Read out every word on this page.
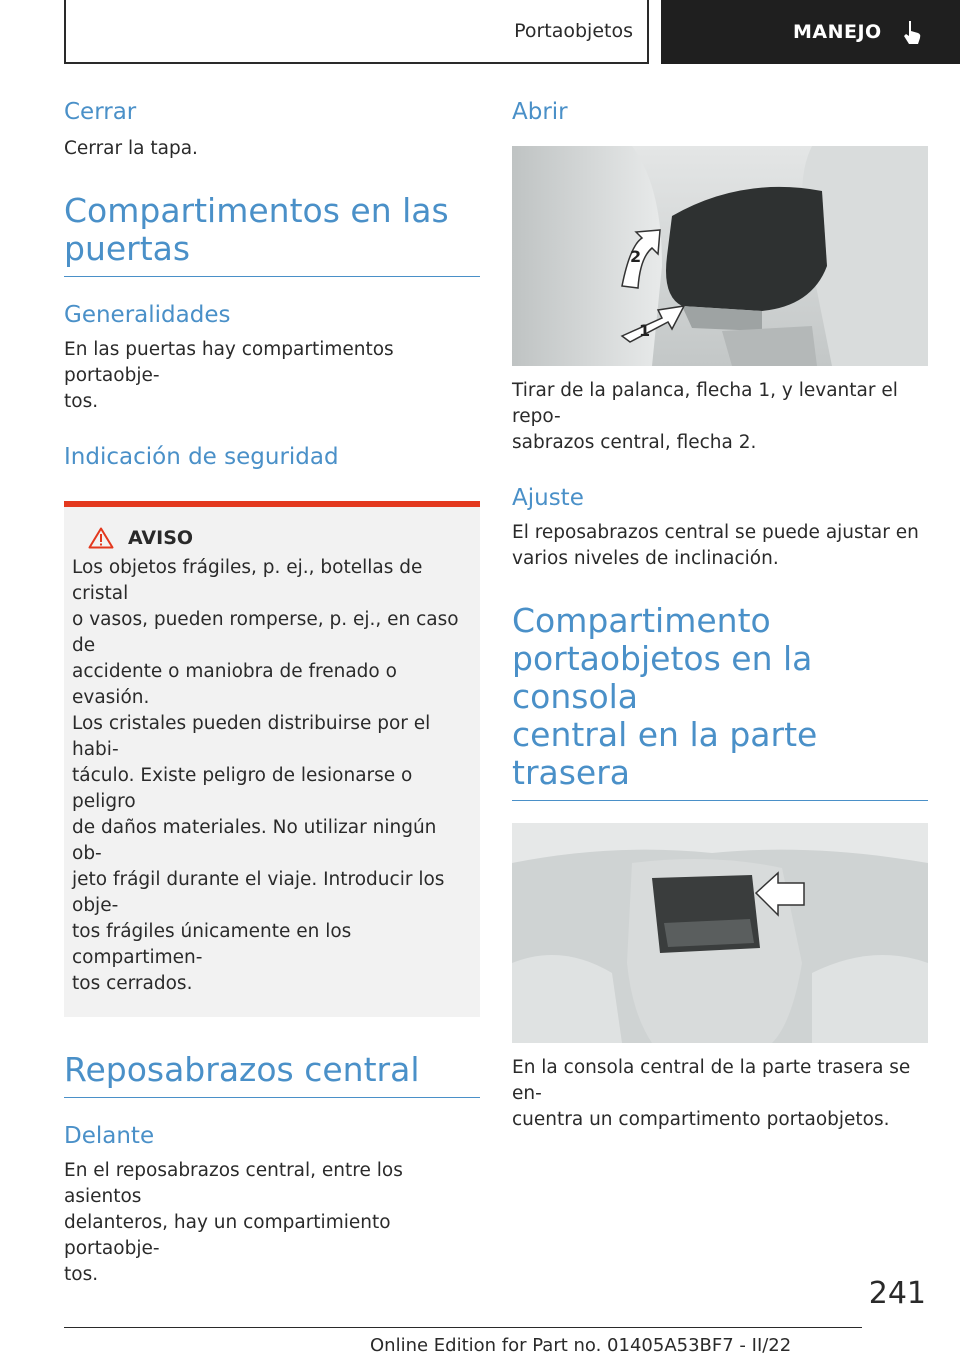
Portaobjetos	MANEJO
Cerrar

Cerrar la tapa.

Compartimentos en las
puertas
Generalidades

En las puertas hay compartimentos portaobje-
tos.

Indicación de seguridad
AVISO

Los objetos frágiles, p. ej., botellas de cristal
o vasos, pueden romperse, p. ej., en caso de
accidente o maniobra de frenado o evasión.
Los cristales pueden distribuirse por el habi-
táculo. Existe peligro de lesionarse o peligro
de daños materiales. No utilizar ningún ob-
jeto frágil durante el viaje. Introducir los obje-
tos frágiles únicamente en los compartimen-
tos cerrados.

Reposabrazos central
Delante

En el reposabrazos central, entre los asientos
delanteros, hay un compartimiento portaobje-
tos.

Abrir
1
2

Tirar de la palanca, flecha 1, y levantar el repo-
sabrazos central, flecha 2.

Ajuste

El reposabrazos central se puede ajustar en
varios niveles de inclinación.

Compartimento
portaobjetos en la consola
central en la parte trasera

En la consola central de la parte trasera se en-
cuentra un compartimento portaobjetos.

241
Online Edition for Part no. 01405A53BF7 - II/22
